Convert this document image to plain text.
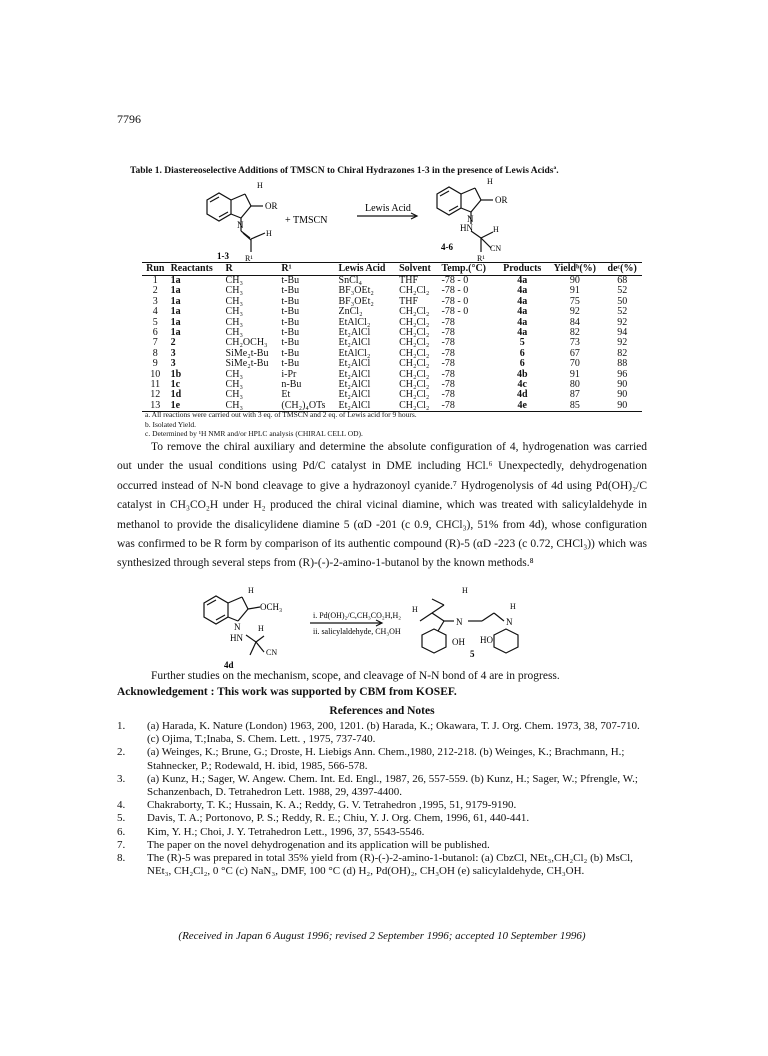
7796
Table 1. Diastereoselective Additions of TMSCN to Chiral Hydrazones 1-3 in the presence of Lewis Acidsª.
H
OR
N
H
R¹
1-3
+ TMSCN
Lewis Acid
H
OR
N
HN	H
CN
R¹
4-6
Run	Reactants	R	R¹	Lewis Acid	Solvent	Temp.(°C)	Products	Yieldᵇ(%)	deᶜ(%)
1	1a	CH₃	t-Bu	SnCl₄	THF	-78 - 0	4a	90	68
2	1a	CH₃	t-Bu	BF₃OEt₂	CH₂Cl₂	-78 - 0	4a	91	52
3	1a	CH₃	t-Bu	BF₃OEt₂	THF	-78 - 0	4a	75	50
4	1a	CH₃	t-Bu	ZnCl₂	CH₂Cl₂	-78 - 0	4a	92	52
5	1a	CH₃	t-Bu	EtAlCl₂	CH₂Cl₂	-78	4a	84	92
6	1a	CH₃	t-Bu	Et₂AlCl	CH₂Cl₂	-78	4a	82	94
7	2	CH₂OCH₃	t-Bu	Et₂AlCl	CH₂Cl₂	-78	5	73	92
8	3	SiMe₂t-Bu	t-Bu	EtAlCl₂	CH₂Cl₂	-78	6	67	82
9	3	SiMe₂t-Bu	t-Bu	Et₂AlCl	CH₂Cl₂	-78	6	70	88
10	1b	CH₃	i-Pr	Et₂AlCl	CH₂Cl₂	-78	4b	91	96
11	1c	CH₃	n-Bu	Et₂AlCl	CH₂Cl₂	-78	4c	80	90
12	1d	CH₃	Et	Et₂AlCl	CH₂Cl₂	-78	4d	87	90
13	1e	CH₃	(CH₂)₄OTs	Et₂AlCl	CH₂Cl₂	-78	4e	85	90
a. All reactions were carried out with 3 eq. of TMSCN and 2 eq. of Lewis acid for 9 hours.
b. Isolated Yield.
c. Determined by ¹H NMR and/or HPLC analysis (CHIRAL CELL OD).

To remove the chiral auxiliary and determine the absolute configuration of 4, hydrogenation was carried out under the usual conditions using Pd/C catalyst in DME including HCl.⁶ Unexpectedly, dehydrogenation occurred instead of N-N bond cleavage to give a hydrazonoyl cyanide.⁷ Hydrogenolysis of 4d using Pd(OH)₂/C catalyst in CH₃CO₂H under H₂ produced the chiral vicinal diamine, which was treated with salicylaldehyde in methanol to provide the disalicylidene diamine 5 (αD -201 (c 0.9, CHCl₃), 51% from 4d), whose configuration was confirmed to be R form by comparison of its authentic compound (R)-5 (αD -223 (c 0.72, CHCl₃)) which was synthesized through several steps from (R)-(-)-2-amino-1-butanol by the known methods.⁸

H
OCH₃
N H
HN
CN
4d
i. Pd(OH)₂/C,CH₃CO₂H,H₂
ii. salicylaldehyde, CH₃OH
H
H
N	N
H
OH HO
5

Further studies on the mechanism, scope, and cleavage of N-N bond of 4 are in progress.

Acknowledgement : This work was supported by CBM from KOSEF.

References and Notes
1.	(a) Harada, K. Nature (London) 1963, 200, 1201. (b) Harada, K.; Okawara, T. J. Org. Chem. 1973, 38, 707-710. (c) Ojima, T.;Inaba, S. Chem. Lett. , 1975, 737-740.
2.	(a) Weinges, K.; Brune, G.; Droste, H. Liebigs Ann. Chem.,1980, 212-218. (b) Weinges, K.; Brachmann, H.; Stahnecker, P.; Rodewald, H. ibid, 1985, 566-578.
3.	(a) Kunz, H.; Sager, W. Angew. Chem. Int. Ed. Engl., 1987, 26, 557-559. (b) Kunz, H.; Sager, W.; Pfrengle, W.; Schanzenbach, D. Tetrahedron Lett. 1988, 29, 4397-4400.
4.	Chakraborty, T. K.; Hussain, K. A.; Reddy, G. V. Tetrahedron ,1995, 51, 9179-9190.
5.	Davis, T. A.; Portonovo, P. S.; Reddy, R. E.; Chiu, Y. J. Org. Chem, 1996, 61, 440-441.
6.	Kim, Y. H.; Choi, J. Y. Tetrahedron Lett., 1996, 37, 5543-5546.
7.	The paper on the novel dehydrogenation and its application will be published.
8.	The (R)-5 was prepared in total 35% yield from (R)-(-)-2-amino-1-butanol: (a) CbzCl, NEt₃,CH₂Cl₂ (b) MsCl, NEt₃, CH₂Cl₂, 0 °C (c) NaN₃, DMF, 100 °C (d) H₂, Pd(OH)₂, CH₃OH (e) salicylaldehyde, CH₃OH.
(Received in Japan 6 August 1996; revised 2 September 1996; accepted 10 September 1996)
